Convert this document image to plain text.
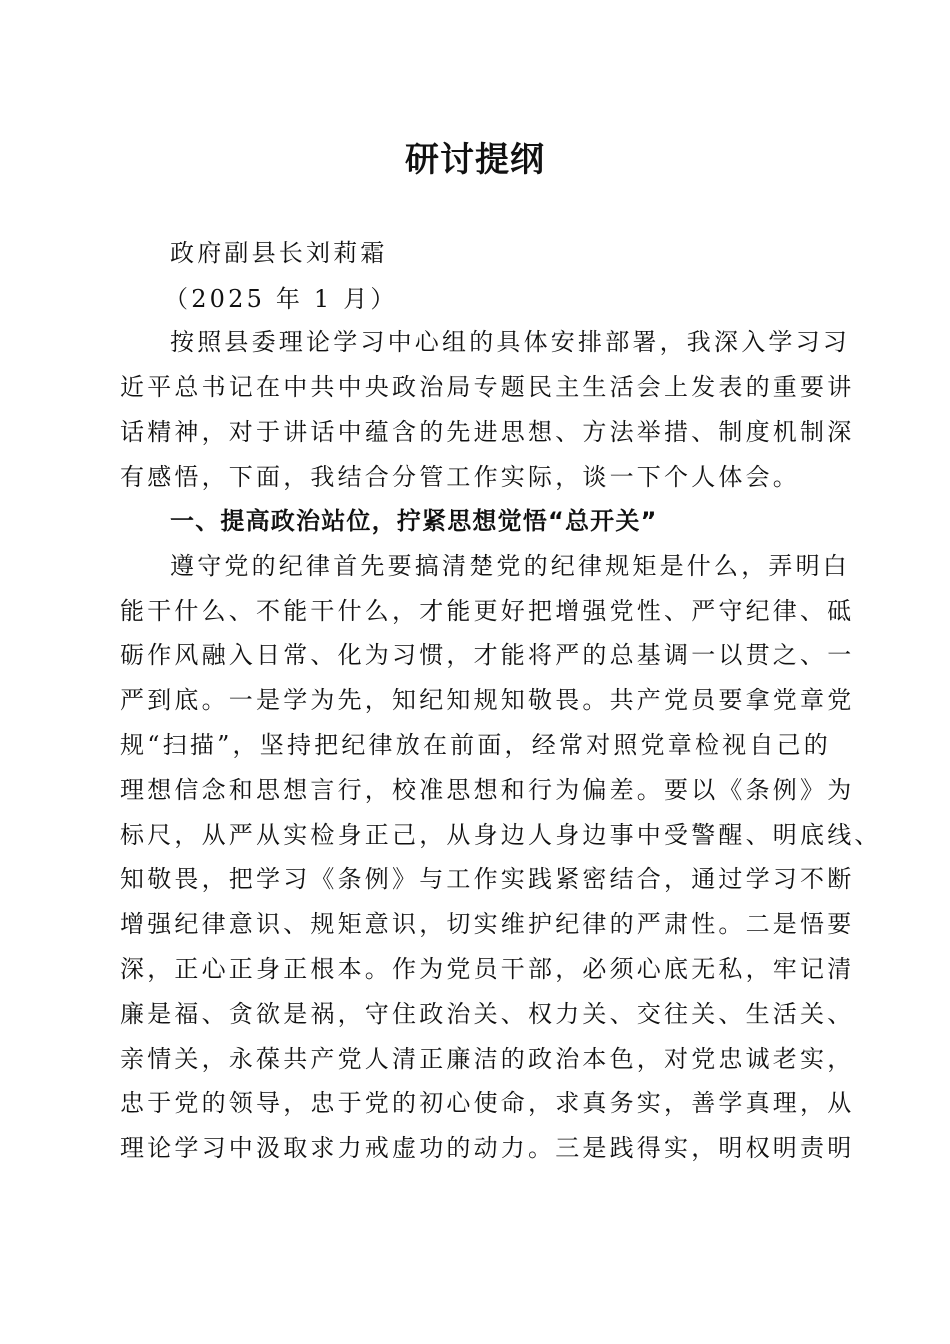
研讨提纲
政府副县长刘莉霜
（2025 年 1 月）
按照县委理论学习中心组的具体安排部署，我深入学习习
近平总书记在中共中央政治局专题民主生活会上发表的重要讲
话精神，对于讲话中蕴含的先进思想、方法举措、制度机制深
有感悟，下面，我结合分管工作实际，谈一下个人体会。
一、提高政治站位，拧紧思想觉悟“总开关”
遵守党的纪律首先要搞清楚党的纪律规矩是什么，弄明白
能干什么、不能干什么，才能更好把增强党性、严守纪律、砥
砺作风融入日常、化为习惯，才能将严的总基调一以贯之、一
严到底。一是学为先，知纪知规知敬畏。共产党员要拿党章党
规“扫描”，坚持把纪律放在前面，经常对照党章检视自己的
理想信念和思想言行，校准思想和行为偏差。要以《条例》为
标尺，从严从实检身正己，从身边人身边事中受警醒、明底线、
知敬畏，把学习《条例》与工作实践紧密结合，通过学习不断
增强纪律意识、规矩意识，切实维护纪律的严肃性。二是悟要
深，正心正身正根本。作为党员干部，必须心底无私，牢记清
廉是福、贪欲是祸，守住政治关、权力关、交往关、生活关、
亲情关，永葆共产党人清正廉洁的政治本色，对党忠诚老实，
忠于党的领导，忠于党的初心使命，求真务实，善学真理，从
理论学习中汲取求力戒虚功的动力。三是践得实，明权明责明
